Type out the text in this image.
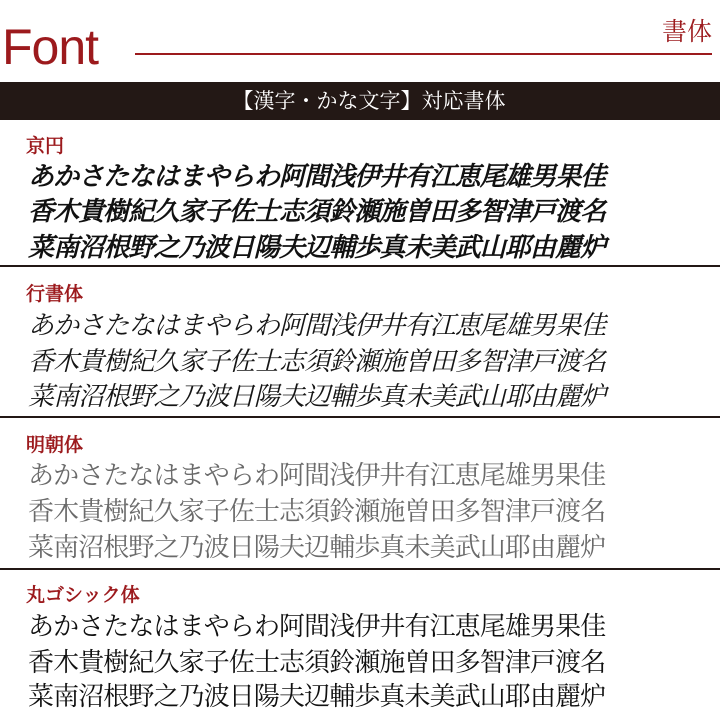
Font	書体
【漢字・かな文字】対応書体
京円
あかさたなはまやらわ阿間浅伊井有江恵尾雄男果佳
香木貴樹紀久家子佐士志須鈴瀬施曽田多智津戸渡名
菜南沼根野之乃波日陽夫辺輔歩真未美武山耶由麗炉
行書体
あかさたなはまやらわ阿間浅伊井有江恵尾雄男果佳
香木貴樹紀久家子佐士志須鈴瀬施曽田多智津戸渡名
菜南沼根野之乃波日陽夫辺輔歩真未美武山耶由麗炉
明朝体
あかさたなはまやらわ阿間浅伊井有江恵尾雄男果佳
香木貴樹紀久家子佐士志須鈴瀬施曽田多智津戸渡名
菜南沼根野之乃波日陽夫辺輔歩真未美武山耶由麗炉
丸ゴシック体
あかさたなはまやらわ阿間浅伊井有江恵尾雄男果佳
香木貴樹紀久家子佐士志須鈴瀬施曽田多智津戸渡名
菜南沼根野之乃波日陽夫辺輔歩真未美武山耶由麗炉
